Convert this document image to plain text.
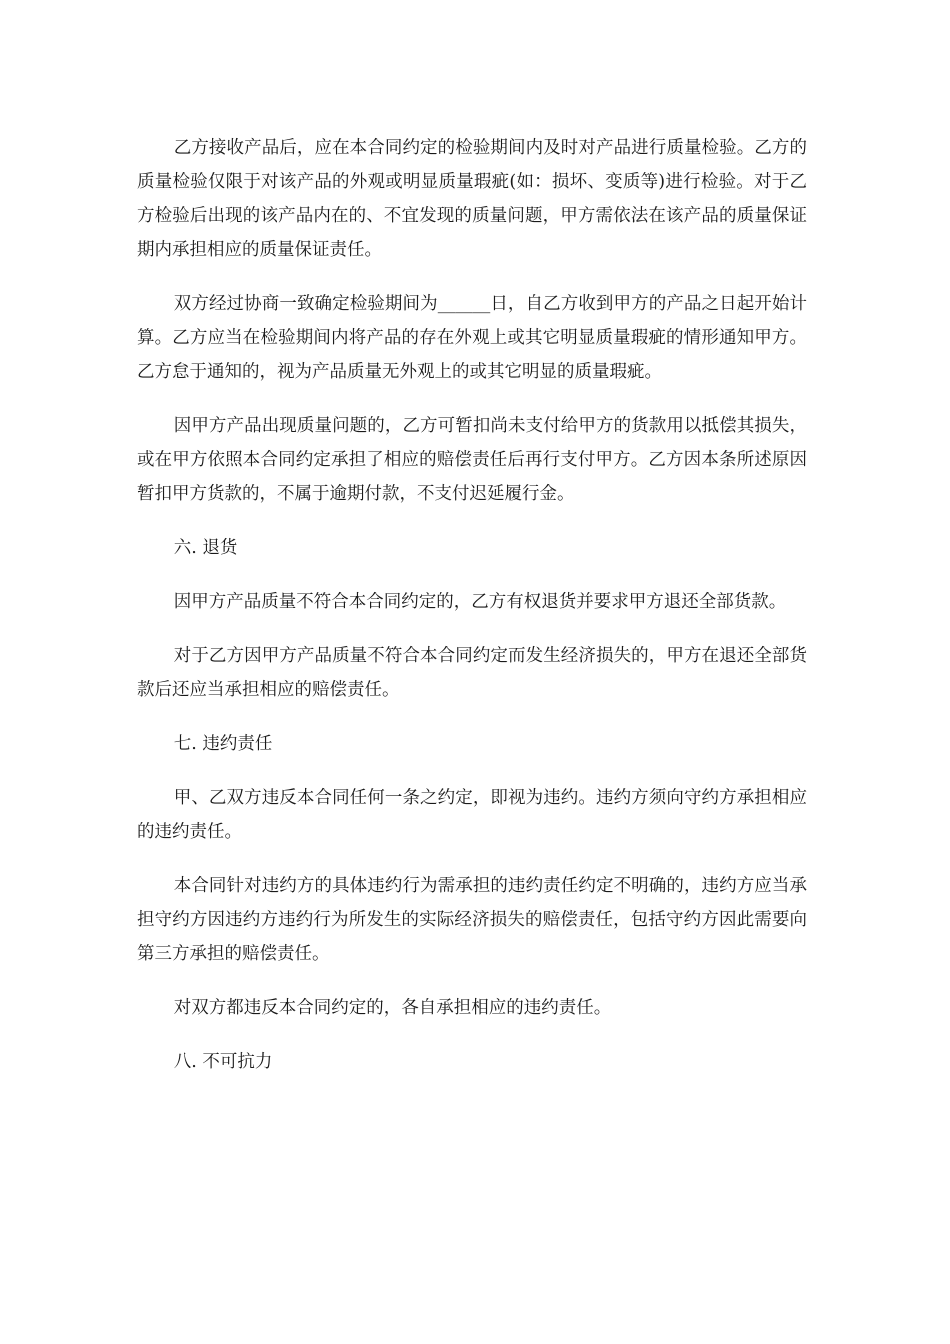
乙方接收产品后，应在本合同约定的检验期间内及时对产品进行质量检验。乙方的质量检验仅限于对该产品的外观或明显质量瑕疵(如：损坏、变质等)进行检验。对于乙方检验后出现的该产品内在的、不宜发现的质量问题，甲方需依法在该产品的质量保证期内承担相应的质量保证责任。

双方经过协商一致确定检验期间为______日，自乙方收到甲方的产品之日起开始计算。乙方应当在检验期间内将产品的存在外观上或其它明显质量瑕疵的情形通知甲方。乙方怠于通知的，视为产品质量无外观上的或其它明显的质量瑕疵。

因甲方产品出现质量问题的，乙方可暂扣尚未支付给甲方的货款用以抵偿其损失，或在甲方依照本合同约定承担了相应的赔偿责任后再行支付甲方。乙方因本条所述原因暂扣甲方货款的，不属于逾期付款，不支付迟延履行金。

六. 退货

因甲方产品质量不符合本合同约定的，乙方有权退货并要求甲方退还全部货款。

对于乙方因甲方产品质量不符合本合同约定而发生经济损失的，甲方在退还全部货款后还应当承担相应的赔偿责任。

七. 违约责任

甲、乙双方违反本合同任何一条之约定，即视为违约。违约方须向守约方承担相应的违约责任。

本合同针对违约方的具体违约行为需承担的违约责任约定不明确的，违约方应当承担守约方因违约方违约行为所发生的实际经济损失的赔偿责任，包括守约方因此需要向第三方承担的赔偿责任。

对双方都违反本合同约定的，各自承担相应的违约责任。

八. 不可抗力
